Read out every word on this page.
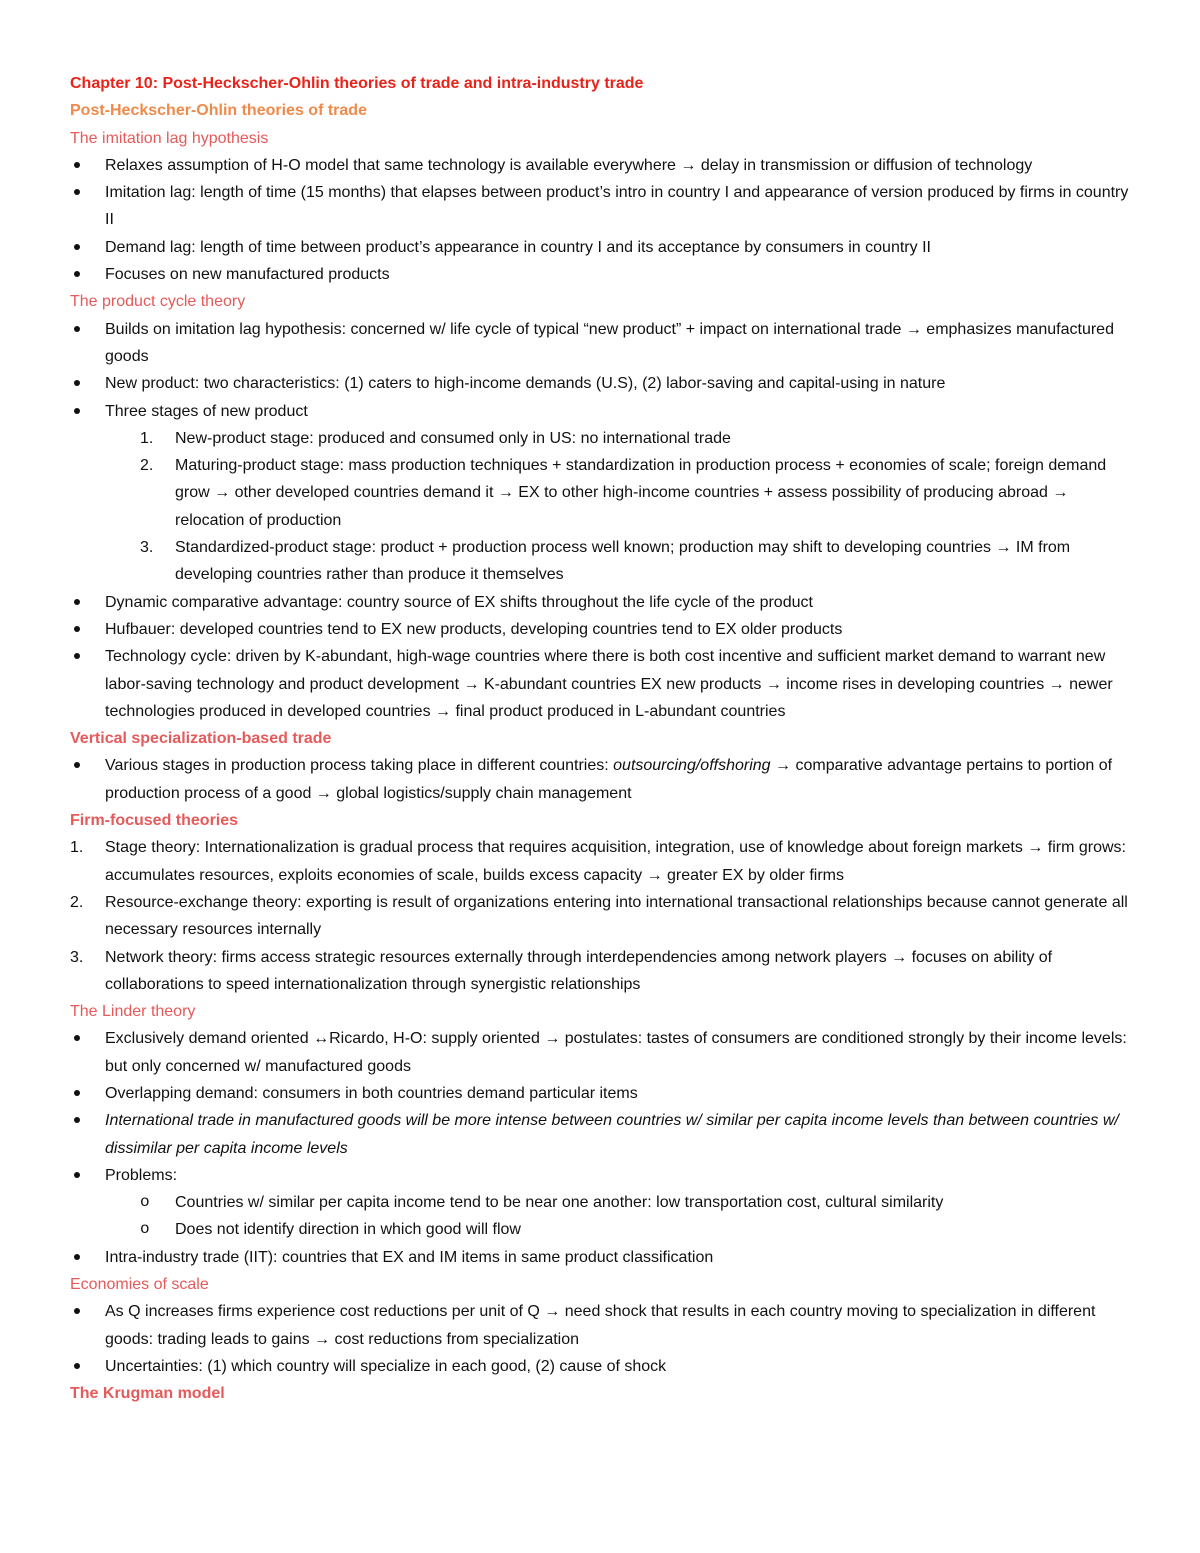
Chapter 10: Post-Heckscher-Ohlin theories of trade and intra-industry trade
Post-Heckscher-Ohlin theories of trade
The imitation lag hypothesis
Relaxes assumption of H-O model that same technology is available everywhere → delay in transmission or diffusion of technology
Imitation lag: length of time (15 months) that elapses between product’s intro in country I and appearance of version produced by firms in country II
Demand lag: length of time between product’s appearance in country I and its acceptance by consumers in country II
Focuses on new manufactured products
The product cycle theory
Builds on imitation lag hypothesis: concerned w/ life cycle of typical “new product” + impact on international trade → emphasizes manufactured goods
New product: two characteristics: (1) caters to high-income demands (U.S), (2) labor-saving and capital-using in nature
Three stages of new product
1. New-product stage: produced and consumed only in US: no international trade
2. Maturing-product stage: mass production techniques + standardization in production process + economies of scale; foreign demand grow → other developed countries demand it → EX to other high-income countries + assess possibility of producing abroad → relocation of production
3. Standardized-product stage: product + production process well known; production may shift to developing countries → IM from developing countries rather than produce it themselves
Dynamic comparative advantage: country source of EX shifts throughout the life cycle of the product
Hufbauer: developed countries tend to EX new products, developing countries tend to EX older products
Technology cycle: driven by K-abundant, high-wage countries where there is both cost incentive and sufficient market demand to warrant new labor-saving technology and product development → K-abundant countries EX new products → income rises in developing countries → newer technologies produced in developed countries → final product produced in L-abundant countries
Vertical specialization-based trade
Various stages in production process taking place in different countries: outsourcing/offshoring → comparative advantage pertains to portion of production process of a good → global logistics/supply chain management
Firm-focused theories
1. Stage theory: Internationalization is gradual process that requires acquisition, integration, use of knowledge about foreign markets → firm grows: accumulates resources, exploits economies of scale, builds excess capacity → greater EX by older firms
2. Resource-exchange theory: exporting is result of organizations entering into international transactional relationships because cannot generate all necessary resources internally
3. Network theory: firms access strategic resources externally through interdependencies among network players → focuses on ability of collaborations to speed internationalization through synergistic relationships
The Linder theory
Exclusively demand oriented ↔Ricardo, H-O: supply oriented → postulates: tastes of consumers are conditioned strongly by their income levels: but only concerned w/ manufactured goods
Overlapping demand: consumers in both countries demand particular items
International trade in manufactured goods will be more intense between countries w/ similar per capita income levels than between countries w/ dissimilar per capita income levels
Problems:
o Countries w/ similar per capita income tend to be near one another: low transportation cost, cultural similarity
o Does not identify direction in which good will flow
Intra-industry trade (IIT): countries that EX and IM items in same product classification
Economies of scale
As Q increases firms experience cost reductions per unit of Q → need shock that results in each country moving to specialization in different goods: trading leads to gains → cost reductions from specialization
Uncertainties: (1) which country will specialize in each good, (2) cause of shock
The Krugman model
